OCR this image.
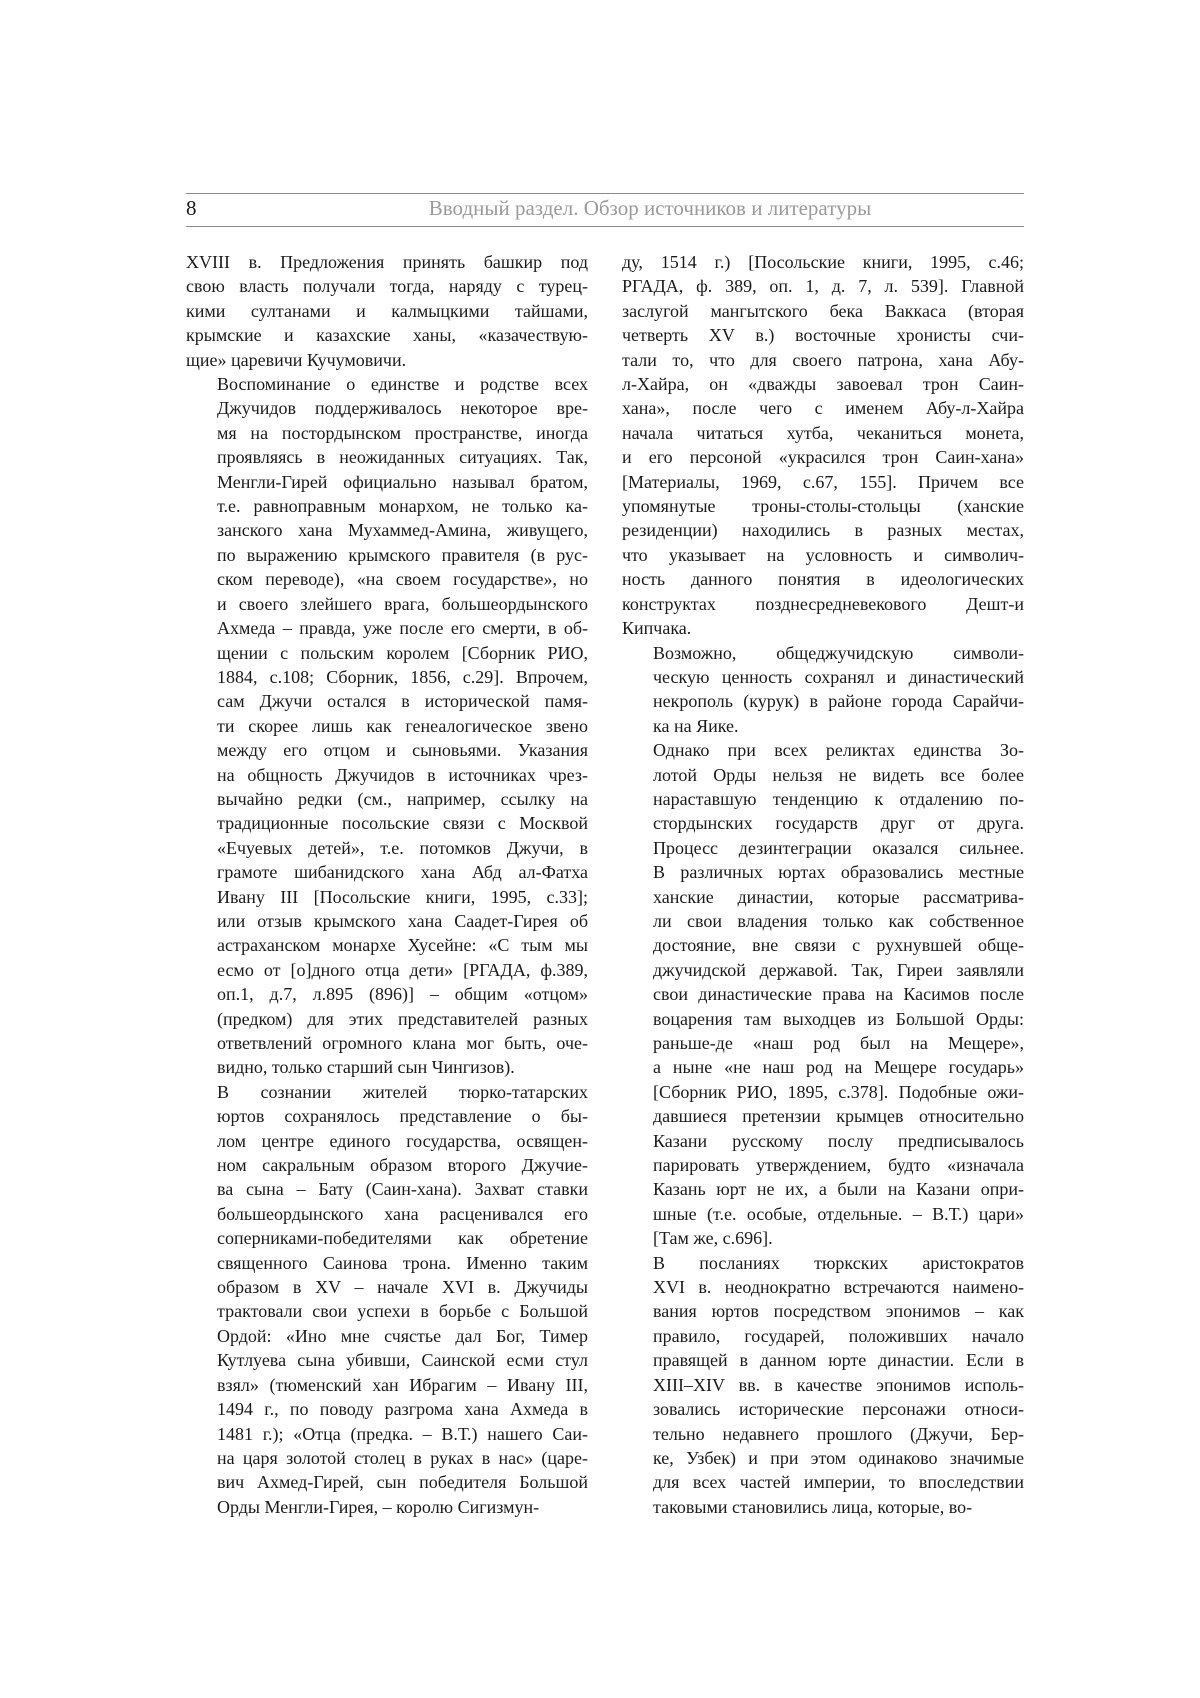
8	Вводный раздел. Обзор источников и литературы

XVIII в. Предложения принять башкир под
свою власть получали тогда, наряду с турец-
кими султанами и калмыцкими тайшами,
крымские и казахские ханы, «казачествую-
щие» царевичи Кучумовичи.

Воспоминание о единстве и родстве всех
Джучидов поддерживалось некоторое вре-
мя на постордынском пространстве, иногда
проявляясь в неожиданных ситуациях. Так,
Менгли-Гирей официально называл братом,
т.е. равноправным монархом, не только ка-
занского хана Мухаммед-Амина, живущего,
по выражению крымского правителя (в рус-
ском переводе), «на своем государстве», но
и своего злейшего врага, большеордынского
Ахмеда – правда, уже после его смерти, в об-
щении с польским королем [Сборник РИО,
1884, с.108; Сборник, 1856, с.29]. Впрочем,
сам Джучи остался в исторической памя-
ти скорее лишь как генеалогическое звено
между его отцом и сыновьями. Указания
на общность Джучидов в источниках чрез-
вычайно редки (см., например, ссылку на
традиционные посольские связи с Москвой
«Ечуевых детей», т.е. потомков Джучи, в
грамоте шибанидского хана Абд ал-Фатха
Ивану III [Посольские книги, 1995, с.33];
или отзыв крымского хана Саадет-Гирея об
астраханском монархе Хусейне: «С тым мы
есмо от [о]дного отца дети» [РГАДА, ф.389,
оп.1, д.7, л.895 (896)] – общим «отцом»
(предком) для этих представителей разных
ответвлений огромного клана мог быть, оче-
видно, только старший сын Чингизов).

В сознании жителей тюрко-татарских
юртов сохранялось представление о бы-
лом центре единого государства, освящен-
ном сакральным образом второго Джучие-
ва сына – Бату (Саин-хана). Захват ставки
большеордынского хана расценивался его
соперниками-победителями как обретение
священного Саинова трона. Именно таким
образом в XV – начале XVI в. Джучиды
трактовали свои успехи в борьбе с Большой
Ордой: «Ино мне счястье дал Бог, Тимер
Кутлуева сына убивши, Саинской есми стул
взял» (тюменский хан Ибрагим – Ивану III,
1494 г., по поводу разгрома хана Ахмеда в
1481 г.); «Отца (предка. – В.Т.) нашего Саи-
на царя золотой столец в руках в нас» (царе-
вич Ахмед-Гирей, сын победителя Большой
Орды Менгли-Гирея, – королю Сигизмун-

ду, 1514 г.) [Посольские книги, 1995, с.46;
РГАДА, ф. 389, оп. 1, д. 7, л. 539]. Главной
заслугой мангытского бека Ваккаса (вторая
четверть XV в.) восточные хронисты счи-
тали то, что для своего патрона, хана Абу-
л-Хайра, он «дважды завоевал трон Саин-
хана», после чего с именем Абу-л-Хайра
начала читаться хутба, чеканиться монета,
и его персоной «украсился трон Саин-хана»
[Материалы, 1969, с.67, 155]. Причем все
упомянутые троны-столы-стольцы (ханские
резиденции) находились в разных местах,
что указывает на условность и символич-
ность данного понятия в идеологических
конструктах позднесредневекового Дешт-и
Кипчака.

Возможно, общеджучидскую символи-
ческую ценность сохранял и династический
некрополь (курук) в районе города Сарайчи-
ка на Яике.

Однако при всех реликтах единства Зо-
лотой Орды нельзя не видеть все более
нараставшую тенденцию к отдалению по-
стордынских государств друг от друга.
Процесс дезинтеграции оказался сильнее.
В различных юртах образовались местные
ханские династии, которые рассматрива-
ли свои владения только как собственное
достояние, вне связи с рухнувшей обще-
джучидской державой. Так, Гиреи заявляли
свои династические права на Касимов после
воцарения там выходцев из Большой Орды:
раньше-де «наш род был на Мещере»,
а ныне «не наш род на Мещере государь»
[Сборник РИО, 1895, с.378]. Подобные ожи-
давшиеся претензии крымцев относительно
Казани русскому послу предписывалось
парировать утверждением, будто «изначала
Казань юрт не их, а были на Казани опри-
шные (т.е. особые, отдельные. – В.Т.) цари»
[Там же, с.696].

В посланиях тюркских аристократов
XVI в. неоднократно встречаются наимено-
вания юртов посредством эпонимов – как
правило, государей, положивших начало
правящей в данном юрте династии. Если в
XIII–XIV вв. в качестве эпонимов исполь-
зовались исторические персонажи относи-
тельно недавнего прошлого (Джучи, Бер-
ке, Узбек) и при этом одинаково значимые
для всех частей империи, то впоследствии
таковыми становились лица, которые, во-
